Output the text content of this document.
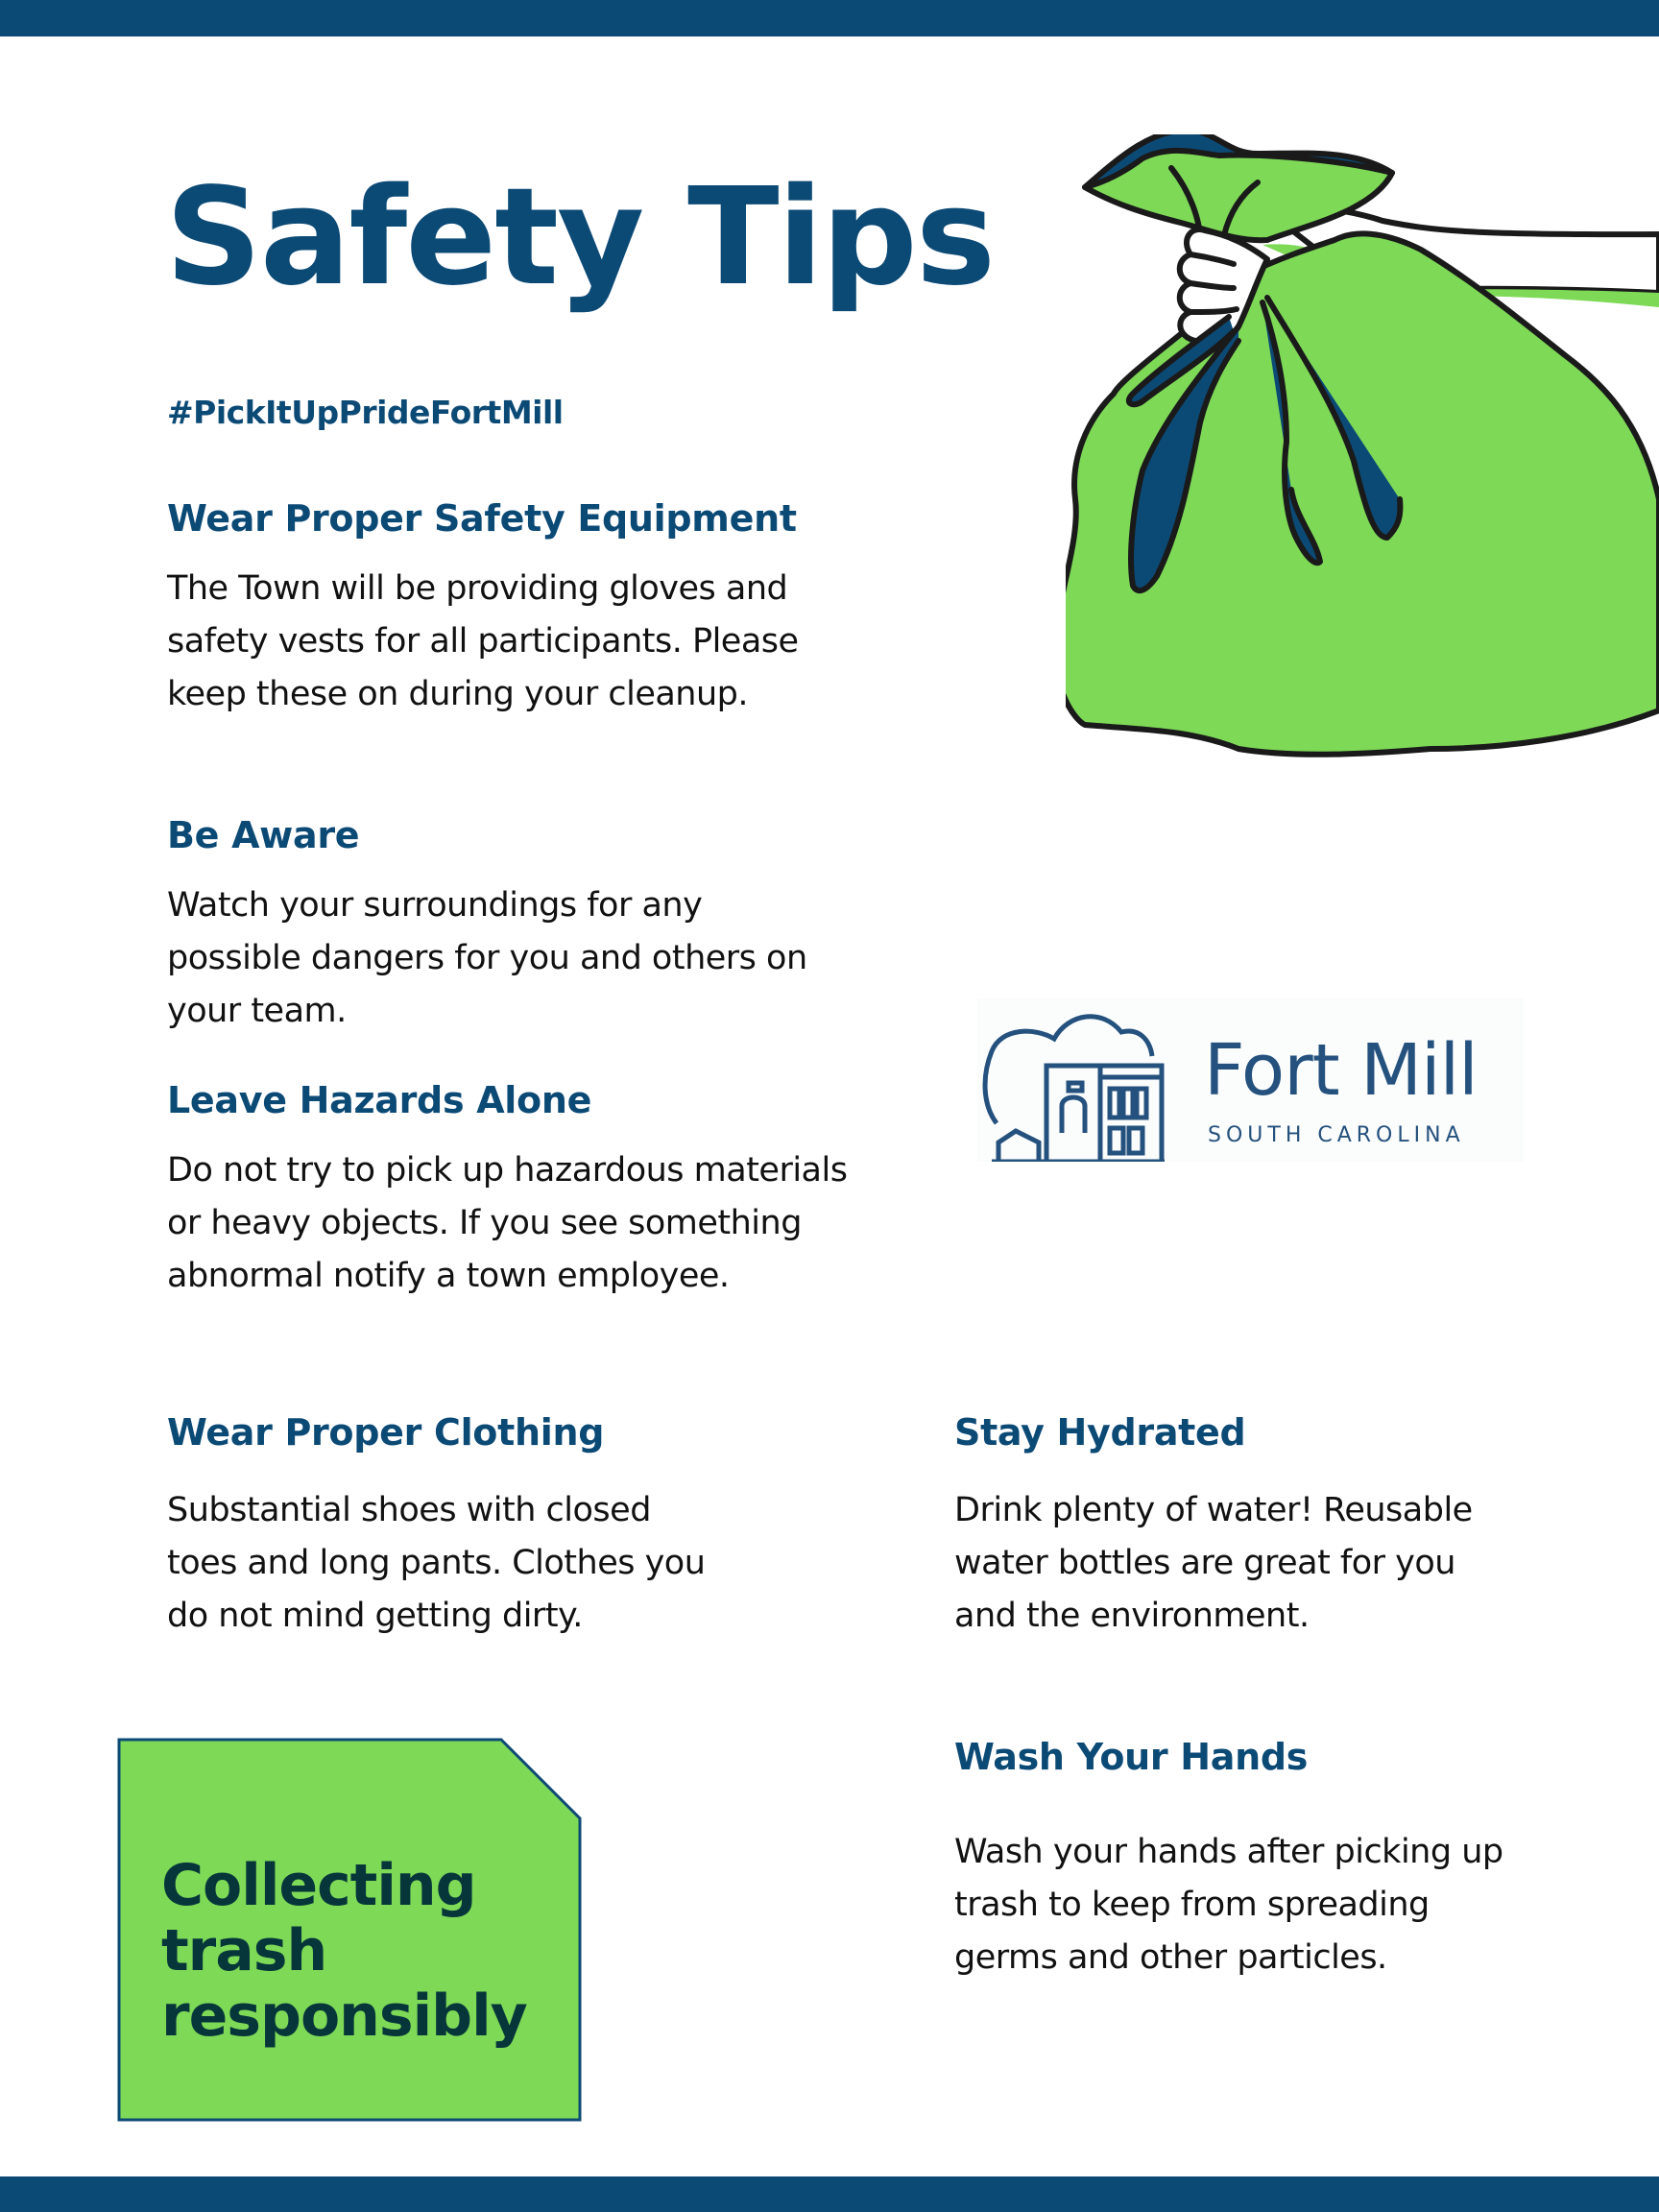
Safety Tips
#PickItUpPrideFortMill
Wear Proper Safety Equipment

The Town will be providing gloves and safety vests for all participants. Please keep these on during your cleanup.

Be Aware

Watch your surroundings for any possible dangers for you and others on your team.

Leave Hazards Alone

Do not try to pick up hazardous materials or heavy objects. If you see something abnormal notify a town employee.

Wear Proper Clothing

Substantial shoes with closed toes and long pants. Clothes you do not mind getting dirty.

Stay Hydrated

Drink plenty of water! Reusable water bottles are great for you and the environment.

Wash Your Hands

Wash your hands after picking up trash to keep from spreading germs and other particles.

Fort Mill
SOUTH CAROLINA
Collecting
trash
responsibly
